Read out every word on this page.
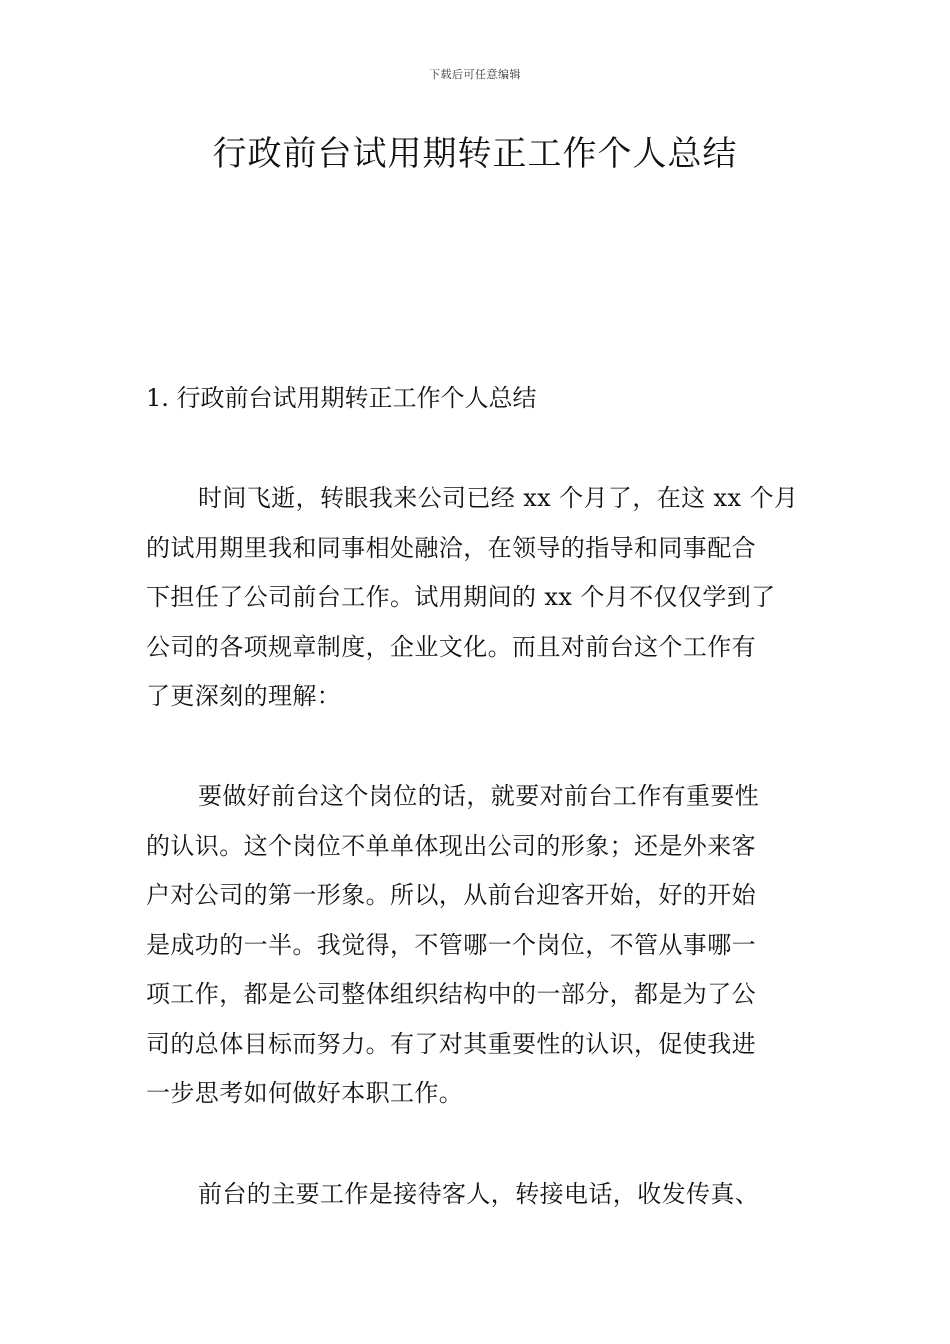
下载后可任意编辑
行政前台试用期转正工作个人总结
1. 行政前台试用期转正工作个人总结
时间飞逝，转眼我来公司已经 xx 个月了，在这 xx 个月
的试用期里我和同事相处融洽，在领导的指导和同事配合
下担任了公司前台工作。试用期间的 xx 个月不仅仅学到了
公司的各项规章制度，企业文化。而且对前台这个工作有
了更深刻的理解：
要做好前台这个岗位的话，就要对前台工作有重要性
的认识。这个岗位不单单体现出公司的形象；还是外来客
户对公司的第一形象。所以，从前台迎客开始，好的开始
是成功的一半。我觉得，不管哪一个岗位，不管从事哪一
项工作，都是公司整体组织结构中的一部分，都是为了公
司的总体目标而努力。有了对其重要性的认识，促使我进
一步思考如何做好本职工作。
前台的主要工作是接待客人，转接电话，收发传真、
